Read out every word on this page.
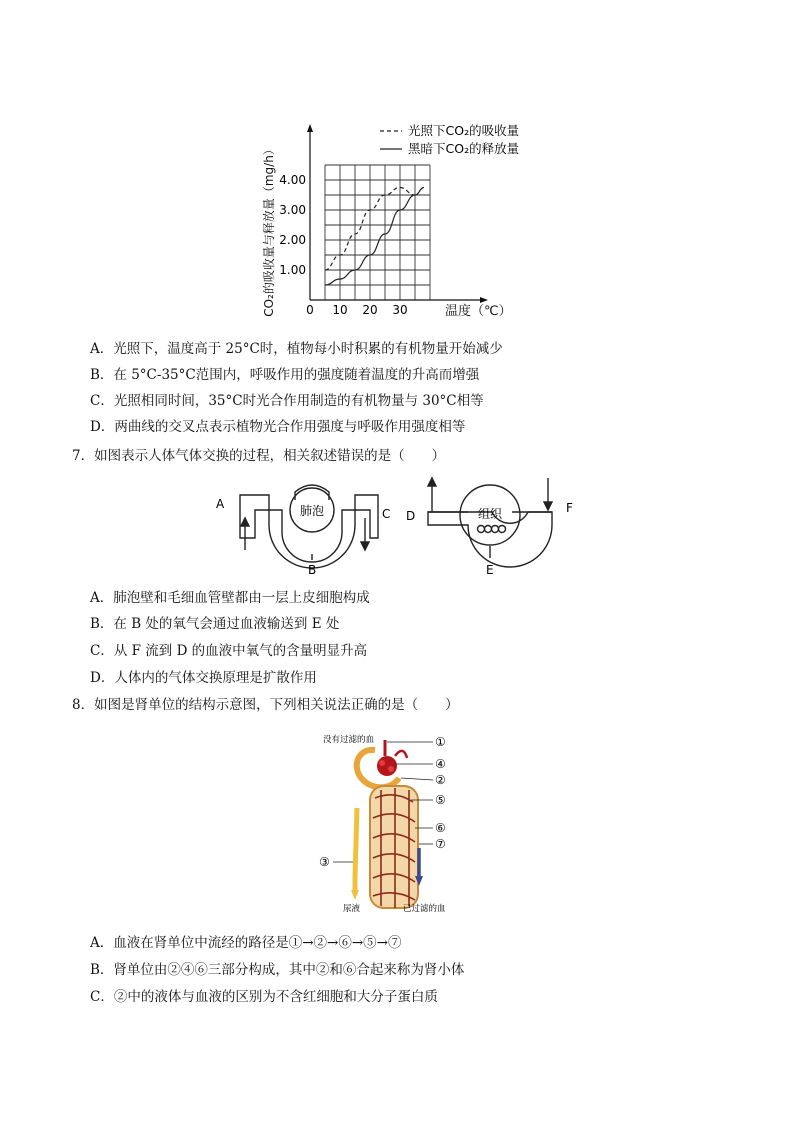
0 10 20 30
1.00
2.00
3.00
4.00
CO₂的吸收量与释放量（mg/h）	温度（℃）
光照下CO₂的吸收量
黑暗下CO₂的释放量
A．光照下，温度高于 25°C时，植物每小时积累的有机物量开始减少
B．在 5°C-35°C范围内，呼吸作用的强度随着温度的升高而增强
C．光照相同时间，35°C时光合作用制造的有机物量与 30°C相等
D．两曲线的交叉点表示植物光合作用强度与呼吸作用强度相等
7．如图表示人体气体交换的过程，相关叙述错误的是（　　）
肺泡
A
B
C	组织
D
E
F
A．肺泡壁和毛细血管壁都由一层上皮细胞构成
B．在 B 处的氧气会通过血液输送到 E 处
C．从 F 流到 D 的血液中氧气的含量明显升高
D．人体内的气体交换原理是扩散作用
8．如图是肾单位的结构示意图，下列相关说法正确的是（　　）
没有过滤的血	①
④
②
⑤
⑥
⑦
③
尿液	已过滤的血
A．血液在肾单位中流经的路径是①→②→⑥→⑤→⑦
B．肾单位由②④⑥三部分构成，其中②和⑥合起来称为肾小体
C．②中的液体与血液的区别为不含红细胞和大分子蛋白质
